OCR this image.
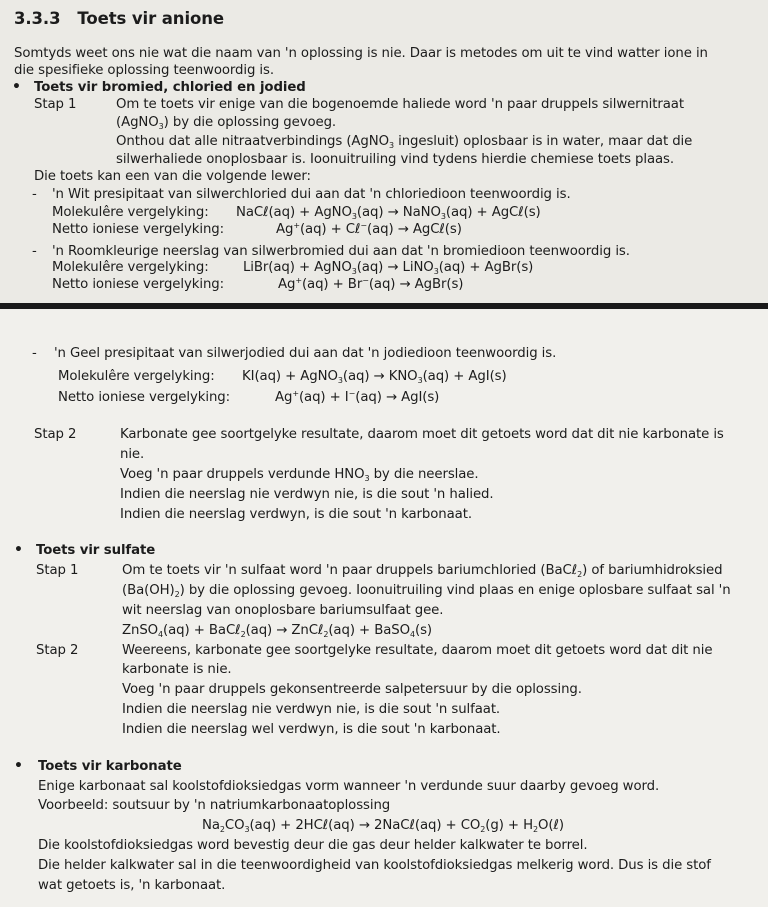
3.3.3 Toets vir anione
Somtyds weet ons nie wat die naam van 'n oplossing is nie. Daar is metodes om uit te vind watter ione in
die spesifieke oplossing teenwoordig is.
• Toets vir bromied, chloried en jodied
Stap 1	Om te toets vir enige van die bogenoemde haliede word 'n paar druppels silwernitraat
(AgNO$_3$) by die oplossing gevoeg.
Onthou dat alle nitraatverbindings (AgNO$_3$ ingesluit) oplosbaar is in water, maar dat die
silwerhaliede onoplosbaar is. Ioonuitruiling vind tydens hierdie chemiese toets plaas.
Die toets kan een van die volgende lewer:
- 'n Wit presipitaat van silwerchloried dui aan dat 'n chloriedioon teenwoordig is.
Molekulêre vergelyking: NaCℓ(aq) + AgNO$_3$(aq) → NaNO$_3$(aq) + AgCℓ(s)
Netto ioniese vergelyking:	Ag+(aq) + Cℓ−(aq) → AgCℓ(s)
- 'n Roomkleurige neerslag van silwerbromied dui aan dat 'n bromiedioon teenwoordig is.
Molekulêre vergelyking:	LiBr(aq) + AgNO$_3$(aq) → LiNO$_3$(aq) + AgBr(s)
Netto ioniese vergelyking:	Ag+(aq) + Br−(aq) → AgBr(s)
- 'n Geel presipitaat van silwerjodied dui aan dat 'n jodiedioon teenwoordig is.
Molekulêre vergelyking: KI(aq) + AgNO$_3$(aq) → $KNO_3(aq) + AgI(s)$
Netto ioniese vergelyking:	Ag+(aq) + I−(aq) → AgI(s)
Stap 2	Karbonate gee soortgelyke resultate, daarom moet dit getoets word dat dit nie karbonate is
nie.
Voeg 'n paar druppels verdunde $HNO_3$ by die neerslae.
Indien die neerslag nie verdwyn nie, is die sout 'n halied.
Indien die neerslag verdwyn, is die sout 'n karbonaat.
• Toets vir sulfate
Stap 1	Om te toets vir 'n sulfaat word 'n paar druppels bariumchloried (BaCℓ$_2$) of bariumhidroksied
$(Ba(OH)_2)$ by die oplossing gevoeg. Ioonuitruiling vind plaas en enige oplosbare sulfaat sal 'n
wit neerslag van onoplosbare bariumsulfaat gee.
ZnSO$_4$(aq) + BaCℓ$_2$(aq) → ZnCℓ$_2$(aq) + BaSO$_4$(s)
Stap 2	Weereens, karbonate gee soortgelyke resultate, daarom moet dit getoets word dat dit nie
karbonate is nie.
Voeg 'n paar druppels gekonsentreerde salpetersuur by die oplossing.
Indien die neerslag nie verdwyn nie, is die sout 'n sulfaat.
Indien die neerslag wel verdwyn, is die sout 'n karbonaat.
• Toets vir karbonate
Enige karbonaat sal koolstofdioksiedgas vorm wanneer 'n verdunde suur daarby gevoeg word.
Voorbeeld: soutsuur by 'n natriumkarbonaatoplossing
$Na_2CO_3(aq)$ + 2HCℓ(aq) → 2NaCℓ(aq) + $CO_2(g)$ + $H_2O(\ell)$
Die koolstofdioksiedgas word bevestig deur die gas deur helder kalkwater te borrel.
Die helder kalkwater sal in die teenwoordigheid van koolstofdioksiedgas melkerig word. Dus is die stof
wat getoets is, 'n karbonaat.
